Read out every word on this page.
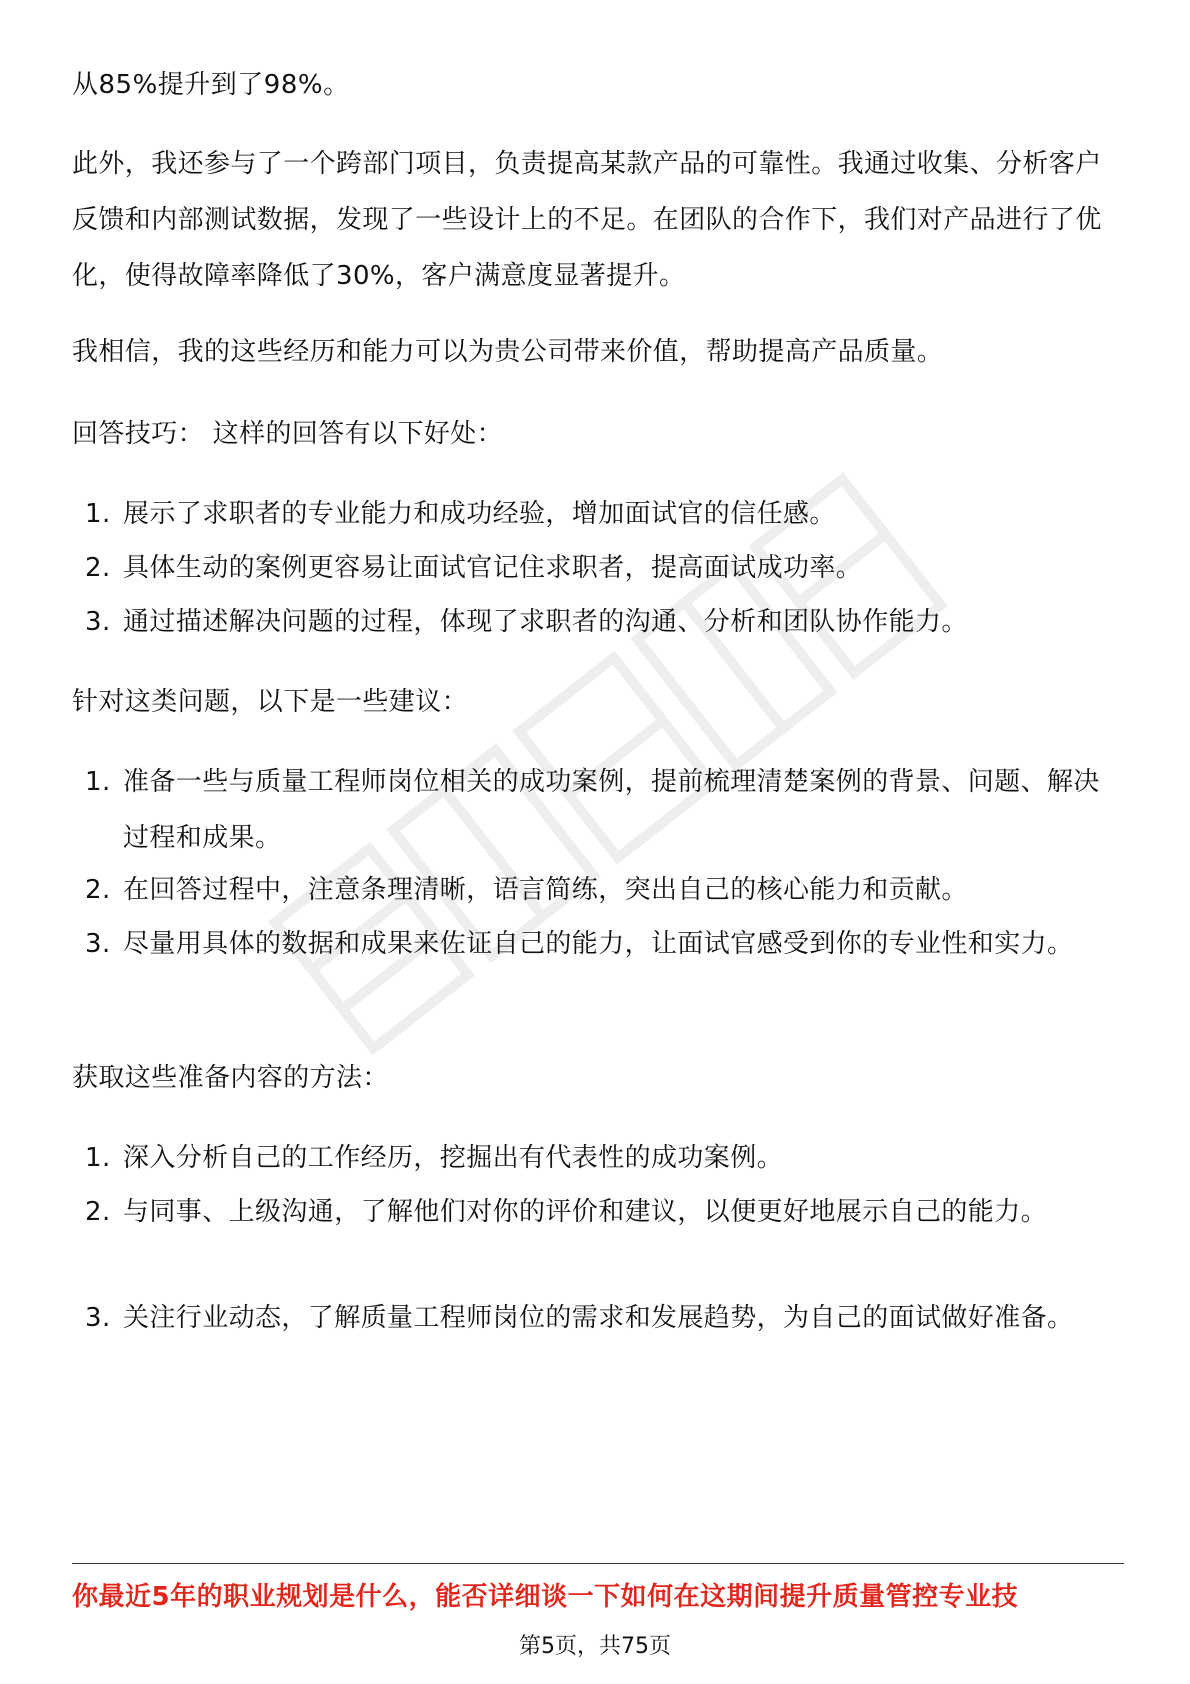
从85%提升到了98%。
此外，我还参与了一个跨部门项目，负责提高某款产品的可靠性。我通过收集、分析客户反馈和内部测试数据，发现了一些设计上的不足。在团队的合作下，我们对产品进行了优化，使得故障率降低了30%，客户满意度显著提升。
我相信，我的这些经历和能力可以为贵公司带来价值，帮助提高产品质量。
回答技巧： 这样的回答有以下好处：
1. 展示了求职者的专业能力和成功经验，增加面试官的信任感。
2. 具体生动的案例更容易让面试官记住求职者，提高面试成功率。
3. 通过描述解决问题的过程，体现了求职者的沟通、分析和团队协作能力。
针对这类问题，以下是一些建议：
1. 准备一些与质量工程师岗位相关的成功案例，提前梳理清楚案例的背景、问题、解决过程和成果。
2. 在回答过程中，注意条理清晰，语言简练，突出自己的核心能力和贡献。
3. 尽量用具体的数据和成果来佐证自己的能力，让面试官感受到你的专业性和实力。
获取这些准备内容的方法：
1. 深入分析自己的工作经历，挖掘出有代表性的成功案例。
2. 与同事、上级沟通，了解他们对你的评价和建议，以便更好地展示自己的能力。
3. 关注行业动态，了解质量工程师岗位的需求和发展趋势，为自己的面试做好准备。
你最近5年的职业规划是什么，能否详细谈一下如何在这期间提升质量管控专业技
第5页，共75页
